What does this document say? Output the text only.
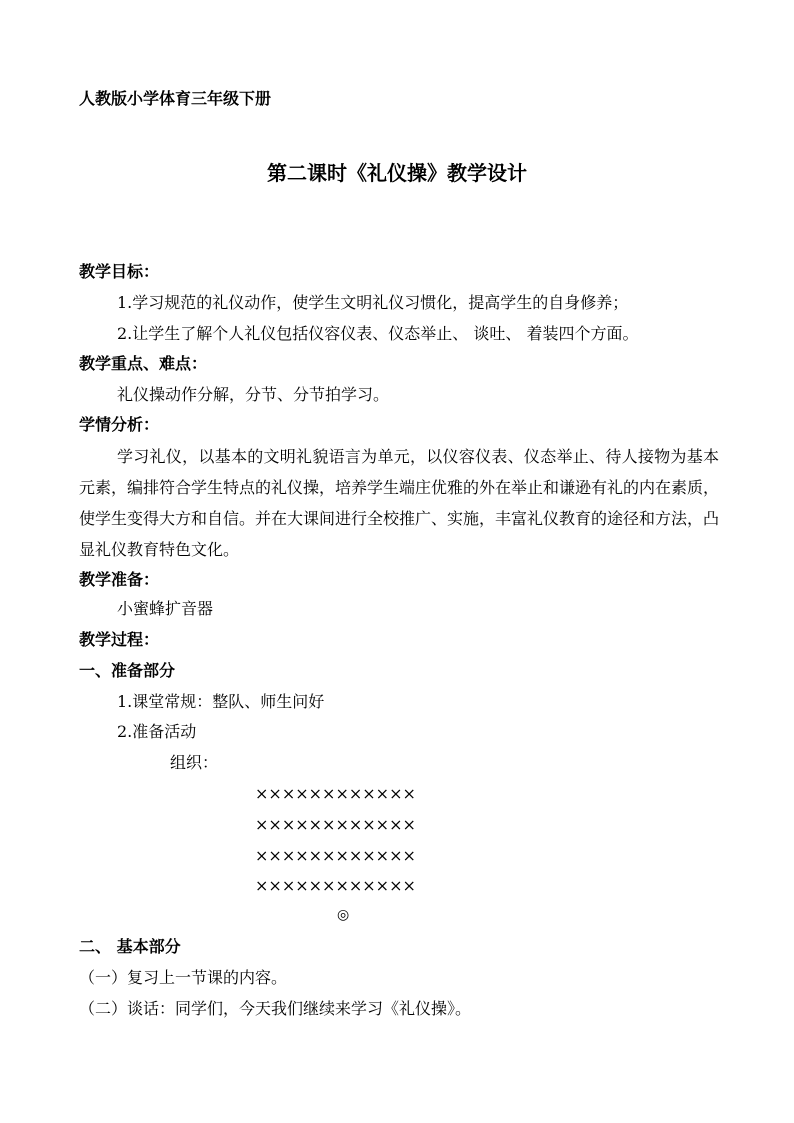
人教版小学体育三年级下册
第二课时《礼仪操》教学设计
教学目标：
1.学习规范的礼仪动作，使学生文明礼仪习惯化，提高学生的自身修养；
2.让学生了解个人礼仪包括仪容仪表、仪态举止、 谈吐、 着装四个方面。
教学重点、难点：
礼仪操动作分解，分节、分节拍学习。
学情分析：
学习礼仪，以基本的文明礼貌语言为单元，以仪容仪表、仪态举止、待人接物为基本元素，编排符合学生特点的礼仪操，培养学生端庄优雅的外在举止和谦逊有礼的内在素质，使学生变得大方和自信。并在大课间进行全校推广、实施，丰富礼仪教育的途径和方法，凸显礼仪教育特色文化。
教学准备：
小蜜蜂扩音器
教学过程：
一、准备部分
1.课堂常规：整队、师生问好
2.准备活动
组织：
××××××××××××
××××××××××××
××××××××××××
××××××××××××
◎
二、 基本部分
（一）复习上一节课的内容。
（二）谈话：同学们，今天我们继续来学习《礼仪操》。
